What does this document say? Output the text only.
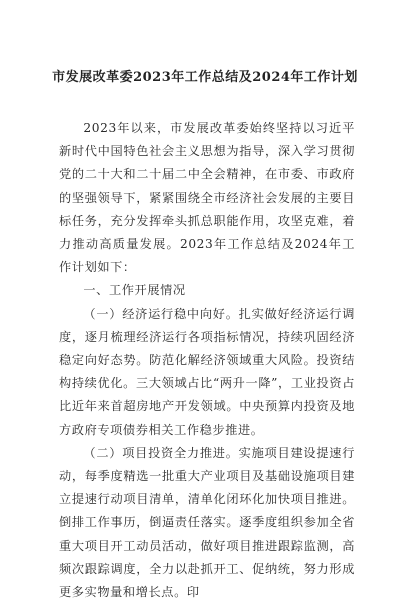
市发展改革委2023年工作总结及2024年工作计划

2023年以来，市发展改革委始终坚持以习近平新时代中国特色社会主义思想为指导，深入学习贯彻党的二十大和二十届二中全会精神，在市委、市政府的坚强领导下，紧紧围绕全市经济社会发展的主要目标任务，充分发挥牵头抓总职能作用，攻坚克难，着力推动高质量发展。2023年工作总结及2024年工作计划如下：

一、工作开展情况

（一）经济运行稳中向好。扎实做好经济运行调度，逐月梳理经济运行各项指标情况，持续巩固经济稳定向好态势。防范化解经济领域重大风险。投资结构持续优化。三大领域占比“两升一降”，工业投资占比近年来首超房地产开发领域。中央预算内投资及地方政府专项债券相关工作稳步推进。

（二）项目投资全力推进。实施项目建设提速行动，每季度精选一批重大产业项目及基础设施项目建立提速行动项目清单，清单化闭环化加快项目推进。倒排工作事历，倒逼责任落实。逐季度组织参加全省重大项目开工动员活动，做好项目推进跟踪监测，高频次跟踪调度，全力以赴抓开工、促纳统，努力形成更多实物量和增长点。印
